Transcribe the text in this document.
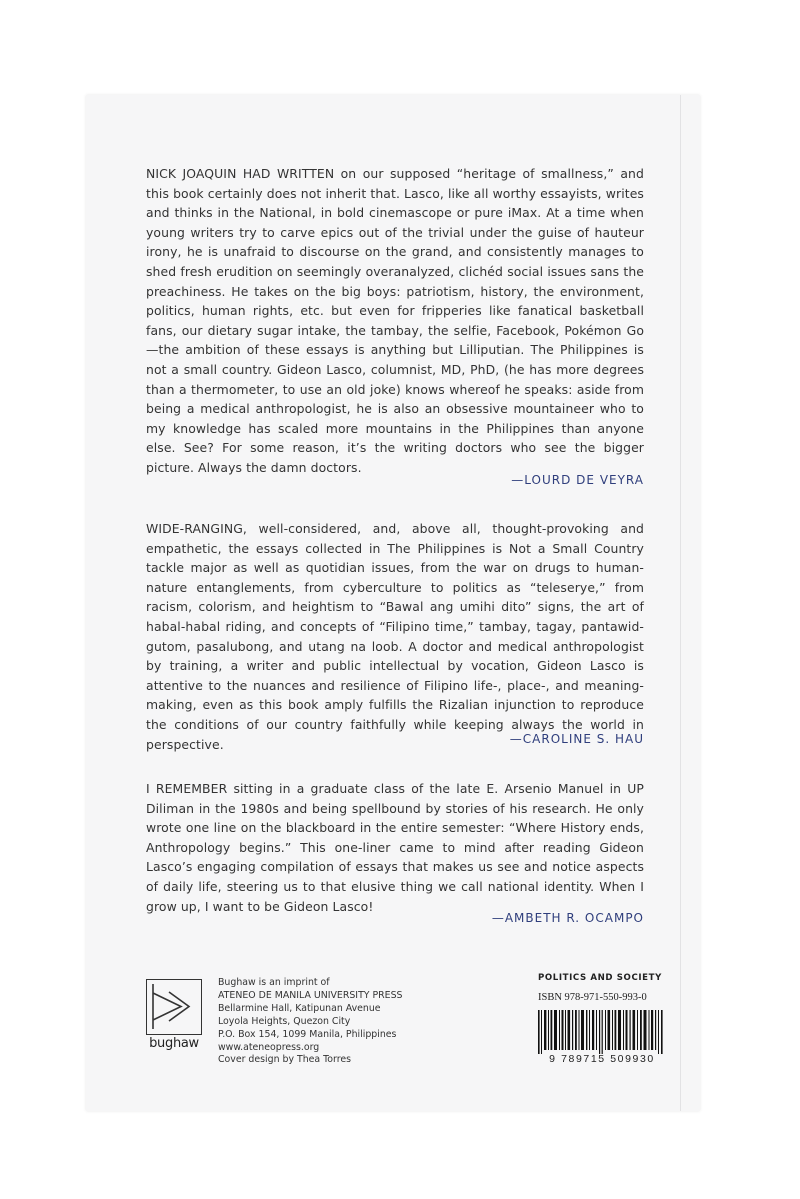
NICK JOAQUIN HAD WRITTEN on our supposed “heritage of smallness,” and this book certainly does not inherit that. Lasco, like all worthy essayists, writes and thinks in the National, in bold cinemascope or pure iMax. At a time when young writers try to carve epics out of the trivial under the guise of hauteur irony, he is unafraid to discourse on the grand, and consistently manages to shed fresh erudition on seemingly overanalyzed, clichéd social issues sans the preachiness. He takes on the big boys: patriotism, history, the environment, politics, human rights, etc. but even for fripperies like fanatical basketball fans, our dietary sugar intake, the tambay, the selfie, Facebook, Pokémon Go—the ambition of these essays is anything but Lilliputian. The Philippines is not a small country. Gideon Lasco, columnist, MD, PhD, (he has more degrees than a thermometer, to use an old joke) knows whereof he speaks: aside from being a medical anthropologist, he is also an obsessive mountaineer who to my knowledge has scaled more mountains in the Philippines than anyone else. See? For some reason, it’s the writing doctors who see the bigger picture. Always the damn doctors.

—LOURD DE VEYRA

WIDE-RANGING, well-considered, and, above all, thought-provoking and empathetic, the essays collected in The Philippines is Not a Small Country tackle major as well as quotidian issues, from the war on drugs to human-nature entanglements, from cyberculture to politics as “teleserye,” from racism, colorism, and heightism to “Bawal ang umihi dito” signs, the art of habal-habal riding, and concepts of “Filipino time,” tambay, tagay, pantawid-gutom, pasalubong, and utang na loob. A doctor and medical anthropologist by training, a writer and public intellectual by vocation, Gideon Lasco is attentive to the nuances and resilience of Filipino life-, place-, and meaning-making, even as this book amply fulfills the Rizalian injunction to reproduce the conditions of our country faithfully while keeping always the world in perspective.	—CAROLINE S. HAU

I REMEMBER sitting in a graduate class of the late E. Arsenio Manuel in UP Diliman in the 1980s and being spellbound by stories of his research. He only wrote one line on the blackboard in the entire semester: “Where History ends, Anthropology begins.” This one-liner came to mind after reading Gideon Lasco’s engaging compilation of essays that makes us see and notice aspects of daily life, steering us to that elusive thing we call national identity. When I grow up, I want to be Gideon Lasco!

—AMBETH R. OCAMPO
bughaw
Bughaw is an imprint of
ATENEO DE MANILA UNIVERSITY PRESS
Bellarmine Hall, Katipunan Avenue
Loyola Heights, Quezon City
P.O. Box 154, 1099 Manila, Philippines
www.ateneopress.org
Cover design by Thea Torres
POLITICS AND SOCIETY
ISBN 978-971-550-993-0
9 789715 509930
